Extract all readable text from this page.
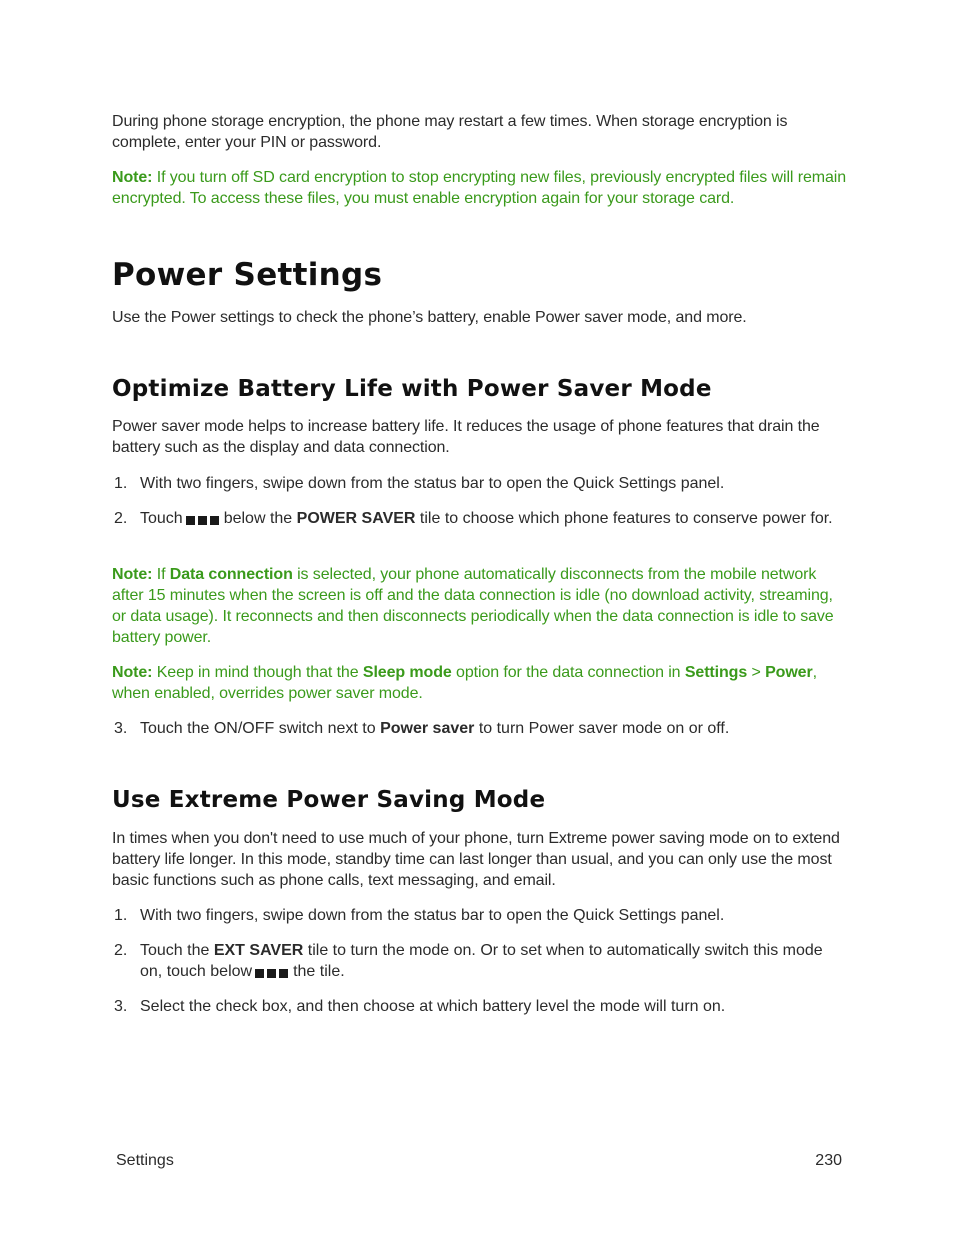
During phone storage encryption, the phone may restart a few times. When storage encryption is complete, enter your PIN or password.

Note: If you turn off SD card encryption to stop encrypting new files, previously encrypted files will remain encrypted. To access these files, you must enable encryption again for your storage card.

Power Settings

Use the Power settings to check the phone’s battery, enable Power saver mode, and more.

Optimize Battery Life with Power Saver Mode

Power saver mode helps to increase battery life. It reduces the usage of phone features that drain the battery such as the display and data connection.

1. With two fingers, swipe down from the status bar to open the Quick Settings panel.
2. Touch	below the POWER SAVER tile to choose which phone features to conserve power for.

Note: If Data connection is selected, your phone automatically disconnects from the mobile network after 15 minutes when the screen is off and the data connection is idle (no download activity, streaming, or data usage). It reconnects and then disconnects periodically when the data connection is idle to save battery power.

Note: Keep in mind though that the Sleep mode option for the data connection in Settings > Power, when enabled, overrides power saver mode.

3. Touch the ON/OFF switch next to Power saver to turn Power saver mode on or off.
Use Extreme Power Saving Mode

In times when you don't need to use much of your phone, turn Extreme power saving mode on to extend battery life longer. In this mode, standby time can last longer than usual, and you can only use the most basic functions such as phone calls, text messaging, and email.

1. With two fingers, swipe down from the status bar to open the Quick Settings panel.
2. Touch the EXT SAVER tile to turn the mode on. Or to set when to automatically switch this mode on, touch below	the tile.
3. Select the check box, and then choose at which battery level the mode will turn on.
Settings	230
